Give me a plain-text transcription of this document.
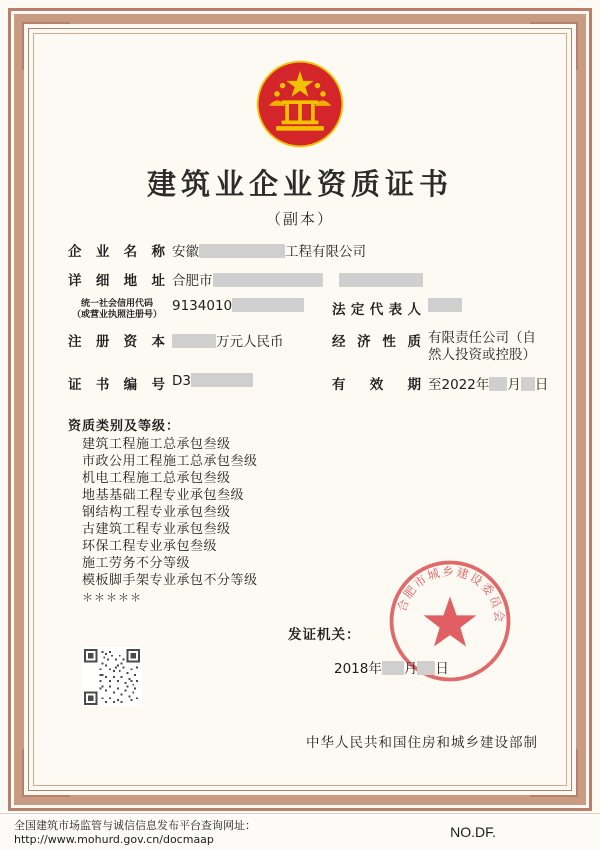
建筑业企业资质证书
（副本）
企业名称 安徽	工程有限公司
详细地址 合肥市
统一社会信用代码
（或营业执照注册号）
9134010	法定代表人
注册资本	万元人民币	经济性质 有限责任公司（自然人投资或控股）
证书编号 D3	有 效 期 至2022年 月 日
资质类别及等级：
建筑工程施工总承包叁级
市政公用工程施工总承包叁级
机电工程施工总承包叁级
地基基础工程专业承包叁级
钢结构工程专业承包叁级
古建筑工程专业承包叁级
环保工程专业承包叁级
施工劳务不分等级
模板脚手架专业承包不分等级
＊＊＊＊＊	合肥市城乡建设委员会
发证机关：
2018年 月 日
中华人民共和国住房和城乡建设部制
全国建筑市场监管与诚信信息发布平台查询网址：http://www.mohurd.gov.cn/docmaap	NO.DF.
